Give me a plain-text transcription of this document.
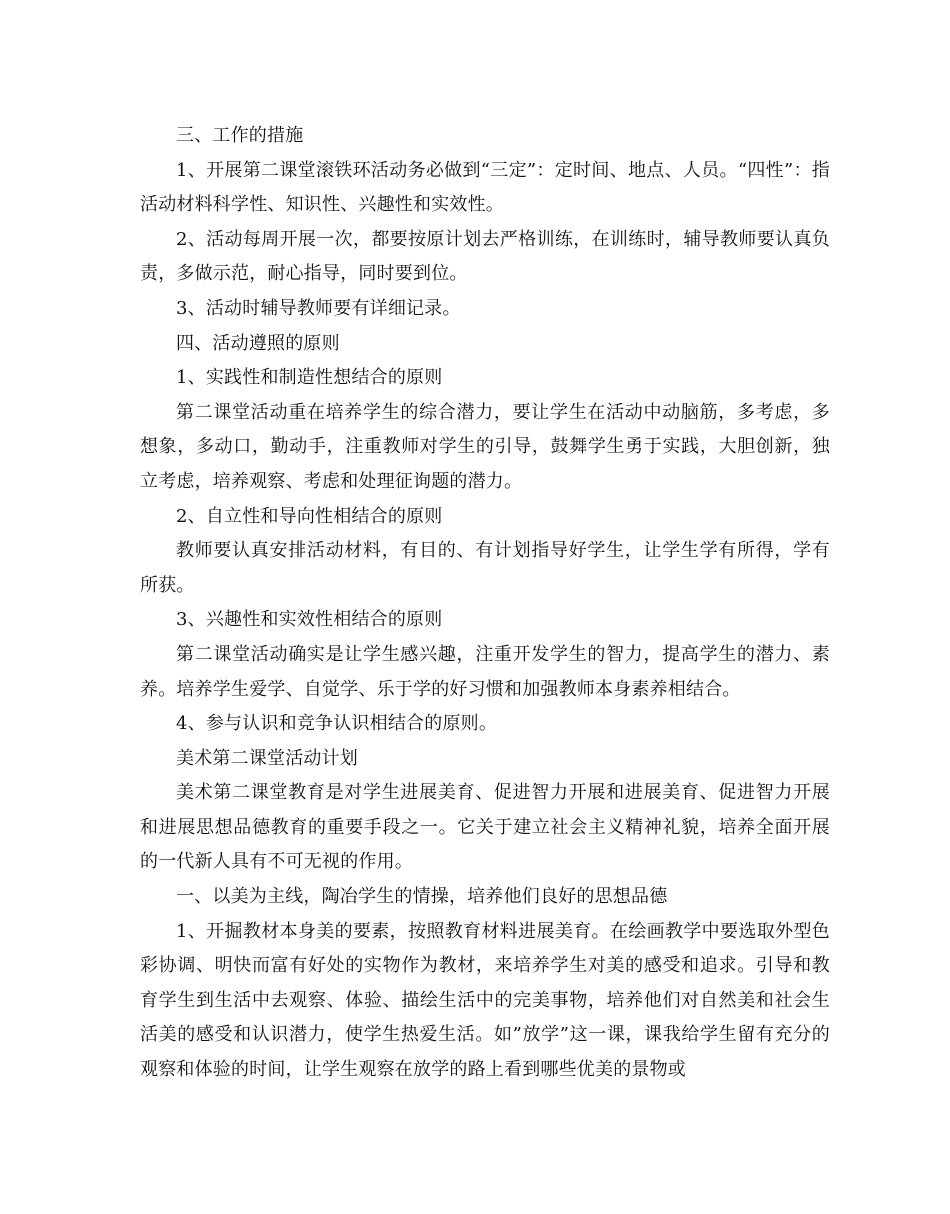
三、工作的措施

1、开展第二课堂滚铁环活动务必做到“三定”：定时间、地点、人员。“四性”：指活动材料科学性、知识性、兴趣性和实效性。

2、活动每周开展一次，都要按原计划去严格训练，在训练时，辅导教师要认真负责，多做示范，耐心指导，同时要到位。

3、活动时辅导教师要有详细记录。

四、活动遵照的原则

1、实践性和制造性想结合的原则

第二课堂活动重在培养学生的综合潜力，要让学生在活动中动脑筋，多考虑，多想象，多动口，勤动手，注重教师对学生的引导，鼓舞学生勇于实践，大胆创新，独立考虑，培养观察、考虑和处理征询题的潜力。

2、自立性和导向性相结合的原则

教师要认真安排活动材料，有目的、有计划指导好学生，让学生学有所得，学有所获。

3、兴趣性和实效性相结合的原则

第二课堂活动确实是让学生感兴趣，注重开发学生的智力，提高学生的潜力、素养。培养学生爱学、自觉学、乐于学的好习惯和加强教师本身素养相结合。

4、参与认识和竞争认识相结合的原则。

美术第二课堂活动计划

美术第二课堂教育是对学生进展美育、促进智力开展和进展美育、促进智力开展和进展思想品德教育的重要手段之一。它关于建立社会主义精神礼貌，培养全面开展的一代新人具有不可无视的作用。

一、以美为主线，陶冶学生的情操，培养他们良好的思想品德

1、开掘教材本身美的要素，按照教育材料进展美育。在绘画教学中要选取外型色彩协调、明快而富有好处的实物作为教材，来培养学生对美的感受和追求。引导和教育学生到生活中去观察、体验、描绘生活中的完美事物，培养他们对自然美和社会生活美的感受和认识潜力，使学生热爱生活。如”放学”这一课，课我给学生留有充分的观察和体验的时间，让学生观察在放学的路上看到哪些优美的景物或
